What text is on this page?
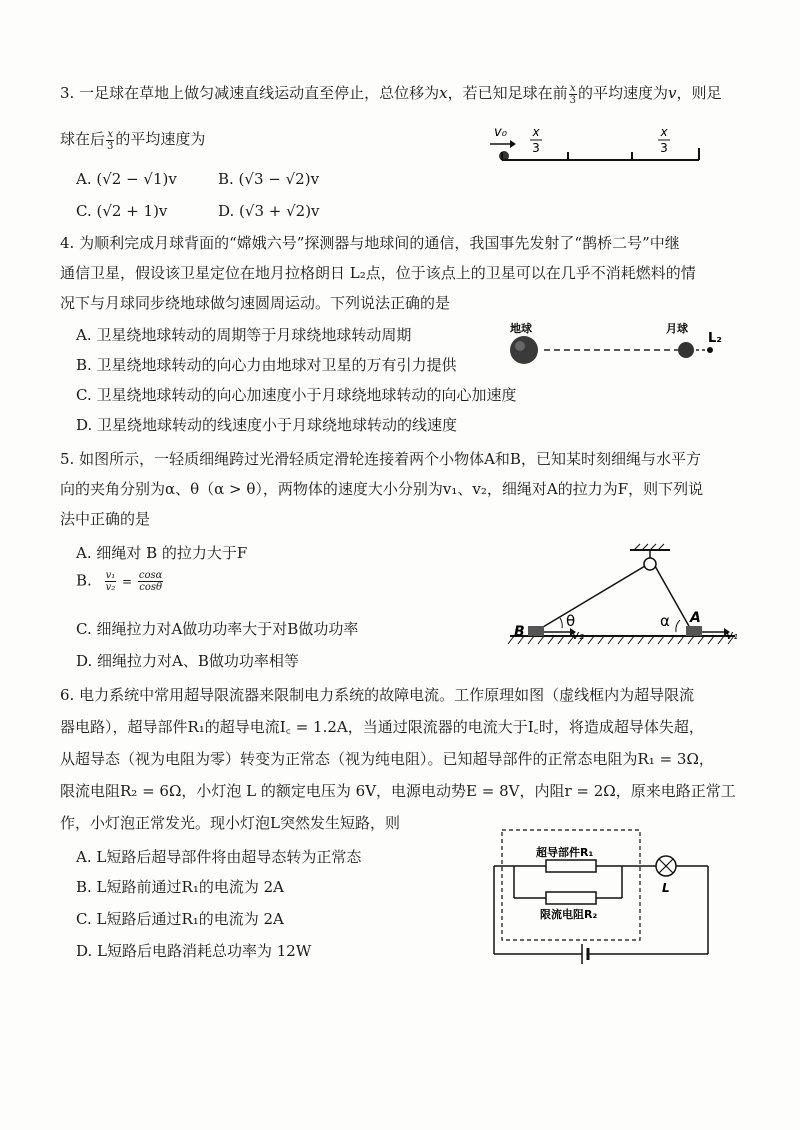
3. 一足球在草地上做匀减速直线运动直至停止，总位移为x，若已知足球在前 $\frac{x}{3}$ 的平均速度为v，则足
球在后 $\frac{x}{3}$ 的平均速度为
A. (√2 − √1)v	B. (√3 − √2)v
C. (√2 + 1)v	D. (√3 + √2)v
v₀ x
3
x
3
4. 为顺利完成月球背面的“嫦娥六号”探测器与地球间的通信，我国事先发射了“鹊桥二号”中继
通信卫星，假设该卫星定位在地月拉格朗日 L₂点，位于该点上的卫星可以在几乎不消耗燃料的情
况下与月球同步绕地球做匀速圆周运动。下列说法正确的是
A. 卫星绕地球转动的周期等于月球绕地球转动周期
B. 卫星绕地球转动的向心力由地球对卫星的万有引力提供
C. 卫星绕地球转动的向心加速度小于月球绕地球转动的向心加速度
D. 卫星绕地球转动的线速度小于月球绕地球转动的线速度
地球	月球
L₂
5. 如图所示，一轻质细绳跨过光滑轻质定滑轮连接着两个小物体A和B，已知某时刻细绳与水平方
向的夹角分别为α、θ（α > θ），两物体的速度大小分别为v₁、v₂，细绳对A的拉力为F，则下列说
法中正确的是
A. 细绳对 B 的拉力大于F
B. $\frac{\text{v₁}}{\text{v₂}} = \frac{\cos\alpha}{\cos\theta}$
C. 细绳拉力对A做功功率大于对B做功功率
D. 细绳拉力对A、B做功功率相等
B
A
θ	α
v₁
v₂
6. 电力系统中常用超导限流器来限制电力系统的故障电流。工作原理如图（虚线框内为超导限流
器电路），超导部件R₁的超导电流I꜀ = 1.2A，当通过限流器的电流大于I꜀时，将造成超导体失超，
从超导态（视为电阻为零）转变为正常态（视为纯电阻）。已知超导部件的正常态电阻为R₁ = 3Ω，
限流电阻R₂ = 6Ω，小灯泡 L 的额定电压为 6V，电源电动势E = 8V，内阻r = 2Ω，原来电路正常工
作，小灯泡正常发光。现小灯泡L突然发生短路，则
A. L短路后超导部件将由超导态转为正常态
B. L短路前通过R₁的电流为 2A
C. L短路后通过R₁的电流为 2A
D. L短路后电路消耗总功率为 12W
超导部件R₁
限流电阻R₂
L
